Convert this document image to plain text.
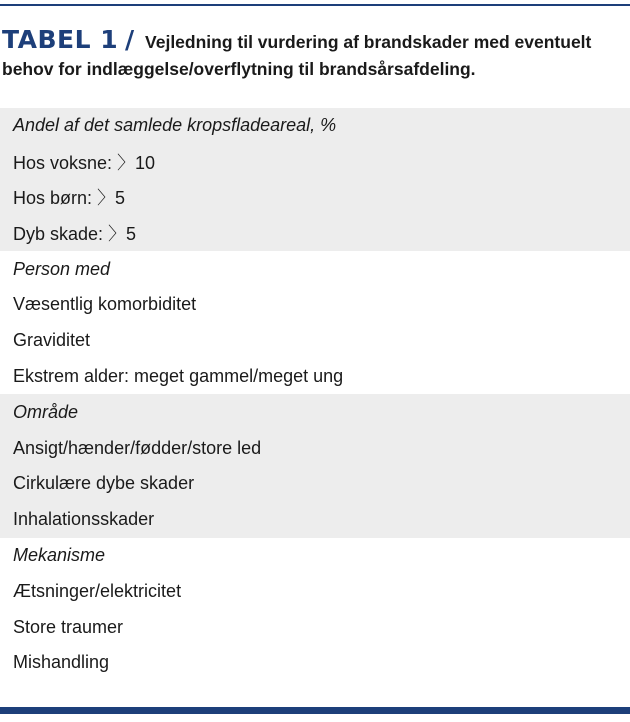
TABEL 1 / Vejledning til vurdering af brandskader med eventuelt behov for indlæggelse/overflytning til brandsårsafdeling.
Andel af det samlede kropsfladeareal, %
Hos voksne: 〉10
Hos børn: 〉5
Dyb skade: 〉5
Person med
Væsentlig komorbiditet
Graviditet
Ekstrem alder: meget gammel/meget ung
Område
Ansigt/hænder/fødder/store led
Cirkulære dybe skader
Inhalationsskader
Mekanisme
Ætsninger/elektricitet
Store traumer
Mishandling
